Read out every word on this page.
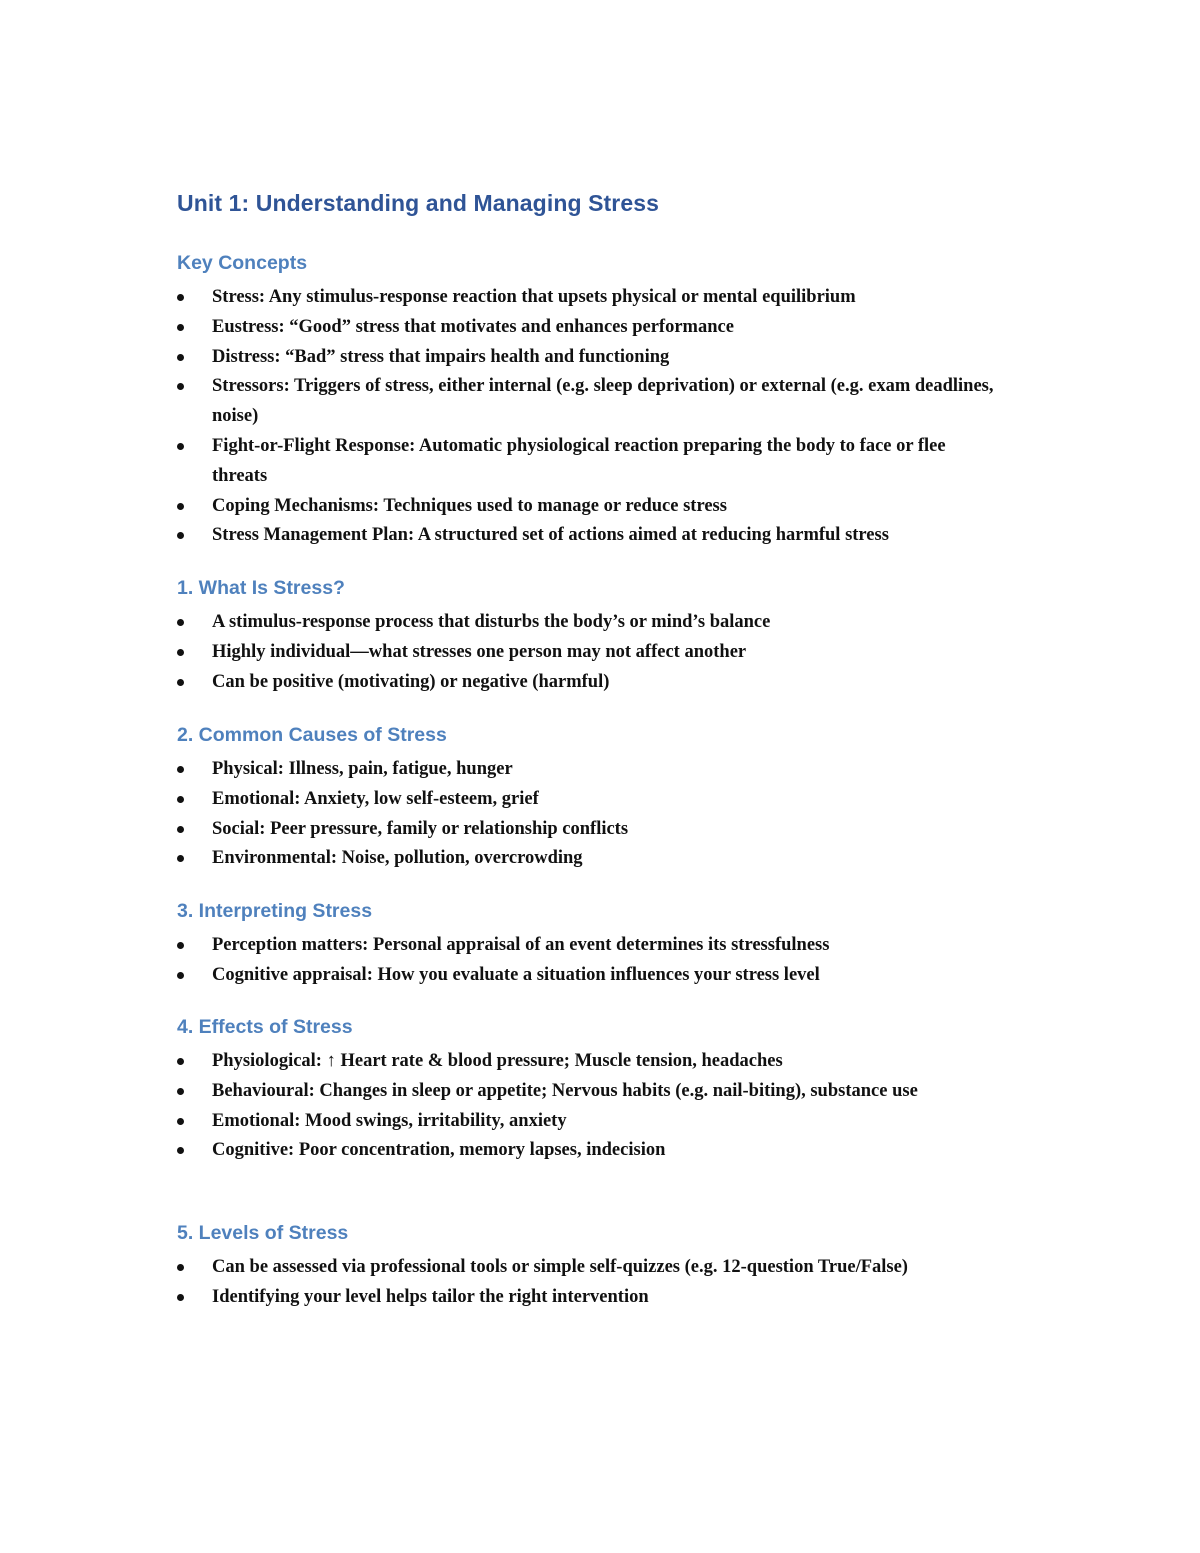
Unit 1: Understanding and Managing Stress
Key Concepts
Stress: Any stimulus-response reaction that upsets physical or mental equilibrium
Eustress: “Good” stress that motivates and enhances performance
Distress: “Bad” stress that impairs health and functioning
Stressors: Triggers of stress, either internal (e.g. sleep deprivation) or external (e.g. exam deadlines, noise)
Fight-or-Flight Response: Automatic physiological reaction preparing the body to face or flee threats
Coping Mechanisms: Techniques used to manage or reduce stress
Stress Management Plan: A structured set of actions aimed at reducing harmful stress
1. What Is Stress?
A stimulus-response process that disturbs the body’s or mind’s balance
Highly individual—what stresses one person may not affect another
Can be positive (motivating) or negative (harmful)
2. Common Causes of Stress
Physical: Illness, pain, fatigue, hunger
Emotional: Anxiety, low self-esteem, grief
Social: Peer pressure, family or relationship conflicts
Environmental: Noise, pollution, overcrowding
3. Interpreting Stress
Perception matters: Personal appraisal of an event determines its stressfulness
Cognitive appraisal: How you evaluate a situation influences your stress level
4. Effects of Stress
Physiological: ↑ Heart rate & blood pressure; Muscle tension, headaches
Behavioural: Changes in sleep or appetite; Nervous habits (e.g. nail-biting), substance use
Emotional: Mood swings, irritability, anxiety
Cognitive: Poor concentration, memory lapses, indecision
5. Levels of Stress
Can be assessed via professional tools or simple self-quizzes (e.g. 12-question True/False)
Identifying your level helps tailor the right intervention
